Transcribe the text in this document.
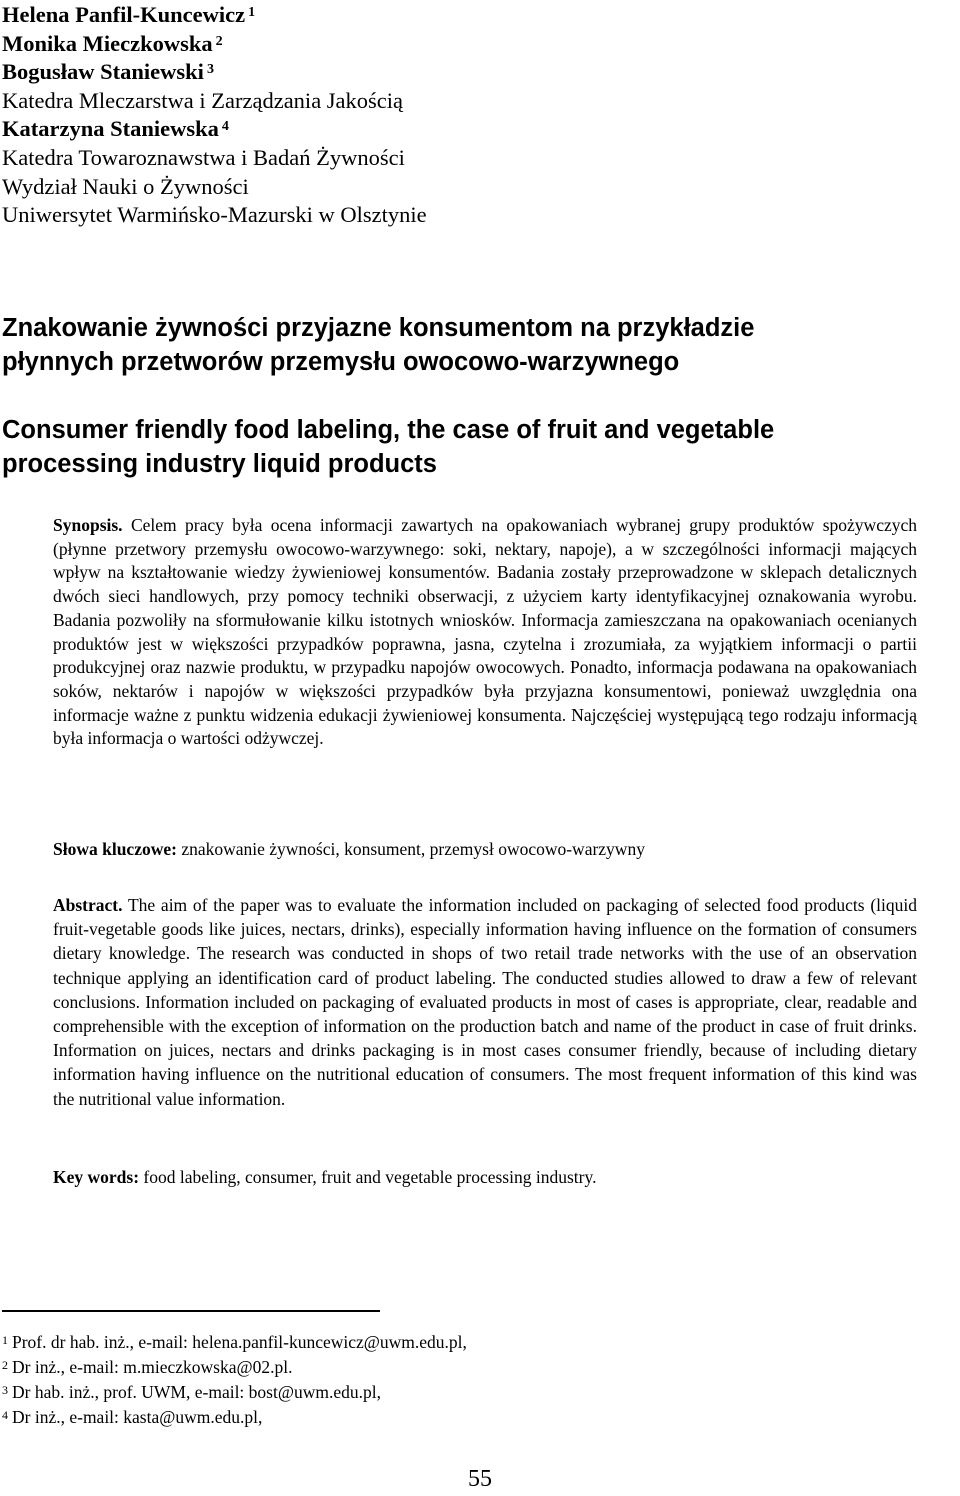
Helena Panfil-Kuncewicz $^1$
Monika Mieczkowska $^2$
Bogusław Staniewski $^3$
Katedra Mleczarstwa i Zarządzania Jakością
Katarzyna Staniewska $^4$
Katedra Towaroznawstwa i Badań Żywności
Wydział Nauki o Żywności
Uniwersytet Warmińsko-Mazurski w Olsztynie
Znakowanie żywności przyjazne konsumentom na przykładzie
płynnych przetworów przemysłu owocowo-warzywnego
Consumer friendly food labeling, the case of fruit and vegetable
processing industry liquid products
Synopsis. Celem pracy była ocena informacji zawartych na opakowaniach wybranej grupy produktów spożywczych (płynne przetwory przemysłu owocowo-warzywnego: soki, nektary, napoje), a w szczególności informacji mających wpływ na kształtowanie wiedzy żywieniowej konsumentów. Badania zostały przeprowadzone w sklepach detalicznych dwóch sieci handlowych, przy pomocy techniki obserwacji, z użyciem karty identyfikacyjnej oznakowania wyrobu. Badania pozwoliły na sformułowanie kilku istotnych wniosków. Informacja zamieszczana na opakowaniach ocenianych produktów jest w większości przypadków poprawna, jasna, czytelna i zrozumiała, za wyjątkiem informacji o partii produkcyjnej oraz nazwie produktu, w przypadku napojów owocowych. Ponadto, informacja podawana na opakowaniach soków, nektarów i napojów w większości przypadków była przyjazna konsumentowi, ponieważ uwzględnia ona informacje ważne z punktu widzenia edukacji żywieniowej konsumenta. Najczęściej występującą tego rodzaju informacją była informacja o wartości odżywczej.
Słowa kluczowe: znakowanie żywności, konsument, przemysł owocowo-warzywny
Abstract. The aim of the paper was to evaluate the information included on packaging of selected food products (liquid fruit-vegetable goods like juices, nectars, drinks), especially information having influence on the formation of consumers dietary knowledge. The research was conducted in shops of two retail trade networks with the use of an observation technique applying an identification card of product labeling. The conducted studies allowed to draw a few of relevant conclusions. Information included on packaging of evaluated products in most of cases is appropriate, clear, readable and comprehensible with the exception of information on the production batch and name of the product in case of fruit drinks. Information on juices, nectars and drinks packaging is in most cases consumer friendly, because of including dietary information having influence on the nutritional education of consumers. The most frequent information of this kind was the nutritional value information.
Key words: food labeling, consumer, fruit and vegetable processing industry.
$^1$ Prof. dr hab. inż., e-mail: helena.panfil-kuncewicz@uwm.edu.pl,
$^2$ Dr inż., e-mail: m.mieczkowska@02.pl.
$^3$ Dr hab. inż., prof. UWM, e-mail: bost@uwm.edu.pl,
$^4$ Dr inż., e-mail: kasta@uwm.edu.pl,
55
